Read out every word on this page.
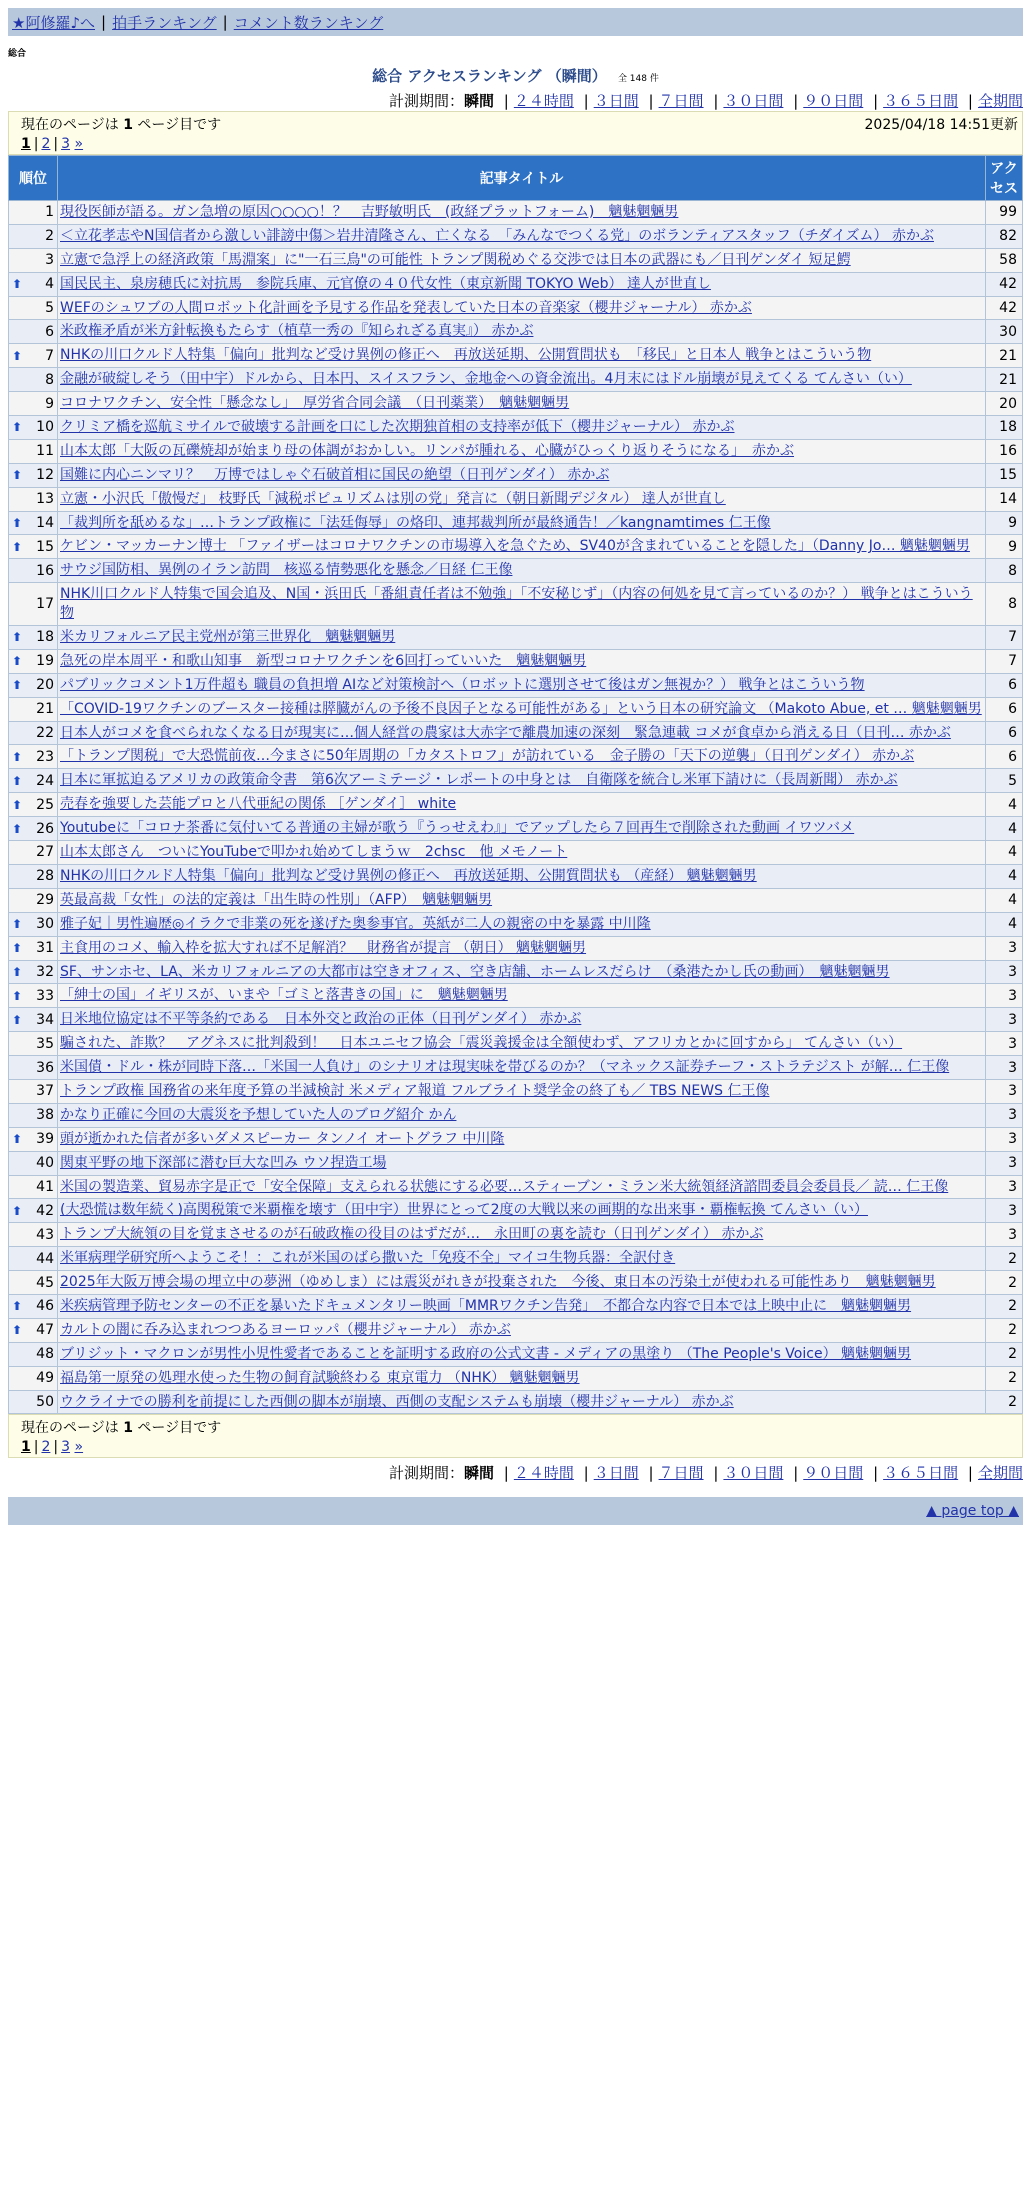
★阿修羅♪へ | 拍手ランキング | コメント数ランキング
総合
総合 アクセスランキング （瞬間） 全 148 件
計測期間：瞬間 | ２４時間 | ３日間 | ７日間 | ３０日間 | ９０日間 | ３６５日間 | 全期間
現在のページは 1 ページ目です	2025/04/18 14:51更新
1 | 2 | 3 »
順位	記事タイトル	アクセス
1	現役医師が語る。ガン急増の原因○○○○！？　吉野敏明氏　(政経プラットフォーム)　魑魅魍魎男	99
2	＜立花孝志やN国信者から激しい誹謗中傷＞岩井清隆さん、亡くなる　「みんなでつくる党」のボランティアスタッフ（チダイズム） 赤かぶ	82
3	立憲で急浮上の経済政策「馬淵案」に"一石三鳥"の可能性 トランプ関税めぐる交渉では日本の武器にも／日刊ゲンダイ 短足鰐	58

⬆ 4	国民民主、泉房穂氏に対抗馬　参院兵庫、元官僚の４０代女性（東京新聞 TOKYO Web） 達人が世直し	42
5	WEFのシュワブの人間ロボット化計画を予見する作品を発表していた日本の音楽家（櫻井ジャーナル） 赤かぶ	42
6	米政権矛盾が米方針転換もたらす（植草一秀の『知られざる真実』） 赤かぶ	30

⬆ 7	NHKの川口クルド人特集「偏向」批判など受け異例の修正へ　再放送延期、公開質問状も　「移民」と日本人 戦争とはこういう物	21
8	金融が破綻しそう（田中宇）ドルから、日本円、スイスフラン、金地金への資金流出。4月末にはドル崩壊が見えてくる てんさい（い）	21
9	コロナワクチン、安全性「懸念なし」　厚労省合同会議　（日刊薬業）　魑魅魍魎男	20

⬆ 10	クリミア橋を巡航ミサイルで破壊する計画を口にした次期独首相の支持率が低下（櫻井ジャーナル） 赤かぶ	18
11	山本太郎「大阪の瓦礫焼却が始まり母の体調がおかしい。リンパが腫れる、心臓がひっくり返りそうになる」　赤かぶ	16

⬆ 12	国難に内心ニンマリ？　万博ではしゃぐ石破首相に国民の絶望（日刊ゲンダイ） 赤かぶ	15
13	立憲・小沢氏「傲慢だ」 枝野氏「減税ポピュリズムは別の党」発言に（朝日新聞デジタル） 達人が世直し	14

⬆ 14	「裁判所を舐めるな」…トランプ政権に「法廷侮辱」の烙印、連邦裁判所が最終通告！／kangnamtimes 仁王像	9

⬆ 15	ケビン・マッカーナン博士 「ファイザーはコロナワクチンの市場導入を急ぐため、SV40が含まれていることを隠した」（Danny Jo… 魑魅魍魎男	9
16	サウジ国防相、異例のイラン訪問　核巡る情勢悪化を懸念／日経 仁王像	8
17	NHK川口クルド人特集で国会追及、N国・浜田氏「番組責任者は不勉強」「不安秘じず」（内容の何処を見て言っているのか？） 戦争とはこういう物	8

⬆ 18	米カリフォルニア民主党州が第三世界化　魑魅魍魎男	7

⬆ 19	急死の岸本周平・和歌山知事　新型コロナワクチンを6回打っていいた　魑魅魍魎男	7

⬆ 20	パブリックコメント1万件超も 職員の負担増 AIなど対策検討へ（ロボットに選別させて後はガン無視か？） 戦争とはこういう物	6
21	「COVID-19ワクチンのブースター接種は膵臓がんの予後不良因子となる可能性がある」という日本の研究論文 （Makoto Abue, et … 魑魅魍魎男	6
22	日本人がコメを食べられなくなる日が現実に…個人経営の農家は大赤字で離農加速の深刻　緊急連載 コメが食卓から消える日（日刊… 赤かぶ	6

⬆ 23	「トランプ関税」で大恐慌前夜…今まさに50年周期の「カタストロフ」が訪れている　金子勝の「天下の逆襲」（日刊ゲンダイ） 赤かぶ	6

⬆ 24	日本に軍拡迫るアメリカの政策命令書　第6次アーミテージ・レポートの中身とは　自衛隊を統合し米軍下請けに（長周新聞） 赤かぶ	5

⬆ 25	売春を強要した芸能プロと八代亜紀の関係 ［ゲンダイ］ white	4

⬆ 26	Youtubeに「コロナ茶番に気付いてる普通の主婦が歌う『うっせえわ』」でアップしたら７回再生で削除された動画 イワツバメ	4
27	山本太郎さん　ついにYouTubeで叩かれ始めてしまうｗ　2chsc　他 メモノート	4
28	NHKの川口クルド人特集「偏向」批判など受け異例の修正へ　再放送延期、公開質問状も （産経） 魑魅魍魎男	4
29	英最高裁「女性」の法的定義は「出生時の性別」（AFP）　魑魅魍魎男	4

⬆ 30	雅子妃｜男性遍歴◎イラクで非業の死を遂げた奥参事官。英紙が二人の親密の中を暴露 中川隆	4

⬆ 31	主食用のコメ、輸入枠を拡大すれば不足解消？　財務省が提言 （朝日） 魑魅魍魎男	3

⬆ 32	SF、サンホセ、LA、米カリフォルニアの大都市は空きオフィス、空き店舗、ホームレスだらけ　（桑港たかし氏の動画）　魑魅魍魎男	3

⬆ 33	「紳士の国」イギリスが、いまや「ゴミと落書きの国」に　魑魅魍魎男	3

⬆ 34	日米地位協定は不平等条約である　日本外交と政治の正体（日刊ゲンダイ） 赤かぶ	3
35	騙された、詐欺？　アグネスに批判殺到！　日本ユニセフ協会「震災義援金は全額使わず、アフリカとかに回すから」 てんさい（い）	3
36	米国債・ドル・株が同時下落…「米国一人負け」のシナリオは現実味を帯びるのか？（マネックス証券チーフ・ストラテジスト が解… 仁王像	3
37	トランプ政権 国務省の来年度予算の半減検討 米メディア報道 フルブライト奨学金の終了も／ TBS NEWS 仁王像	3
38	かなり正確に今回の大震災を予想していた人のブログ紹介 かん	3

⬆ 39	頭が逝かれた信者が多いダメスピーカー タンノイ オートグラフ 中川隆	3
40	関東平野の地下深部に潜む巨大な凹み ウソ捏造工場	3
41	米国の製造業、貿易赤字是正で「安全保障」支えられる状態にする必要…スティーブン・ミラン米大統領経済諮問委員会委員長／ 読… 仁王像	3

⬆ 42	(大恐慌は数年続く)高関税策で米覇権を壊す（田中宇）世界にとって2度の大戦以来の画期的な出来事・覇権転換 てんさい（い）	3
43	トランプ大統領の目を覚まさせるのが石破政権の役目のはずだが…　永田町の裏を読む（日刊ゲンダイ） 赤かぶ	3
44	米軍病理学研究所へようこそ！：これが米国のばら撒いた「免疫不全」マイコ生物兵器：全訳付き	2
45	2025年大阪万博会場の埋立中の夢洲（ゆめしま）には震災がれきが投棄された　今後、東日本の汚染土が使われる可能性あり　魑魅魍魎男	2

⬆ 46	米疾病管理予防センターの不正を暴いたドキュメンタリー映画「MMRワクチン告発」　不都合な内容で日本では上映中止に　魑魅魍魎男	2

⬆ 47	カルトの闇に呑み込まれつつあるヨーロッパ（櫻井ジャーナル） 赤かぶ	2
48	ブリジット・マクロンが男性小児性愛者であることを証明する政府の公式文書 - メディアの黒塗り （The People's Voice） 魑魅魍魎男	2
49	福島第一原発の処理水使った生物の飼育試験終わる 東京電力 （NHK） 魑魅魍魎男	2
50	ウクライナでの勝利を前提にした西側の脚本が崩壊、西側の支配システムも崩壊（櫻井ジャーナル） 赤かぶ	2
現在のページは 1 ページ目です
1 | 2 | 3 »
計測期間：瞬間 | ２４時間 | ３日間 | ７日間 | ３０日間 | ９０日間 | ３６５日間 | 全期間
▲ page top ▲
